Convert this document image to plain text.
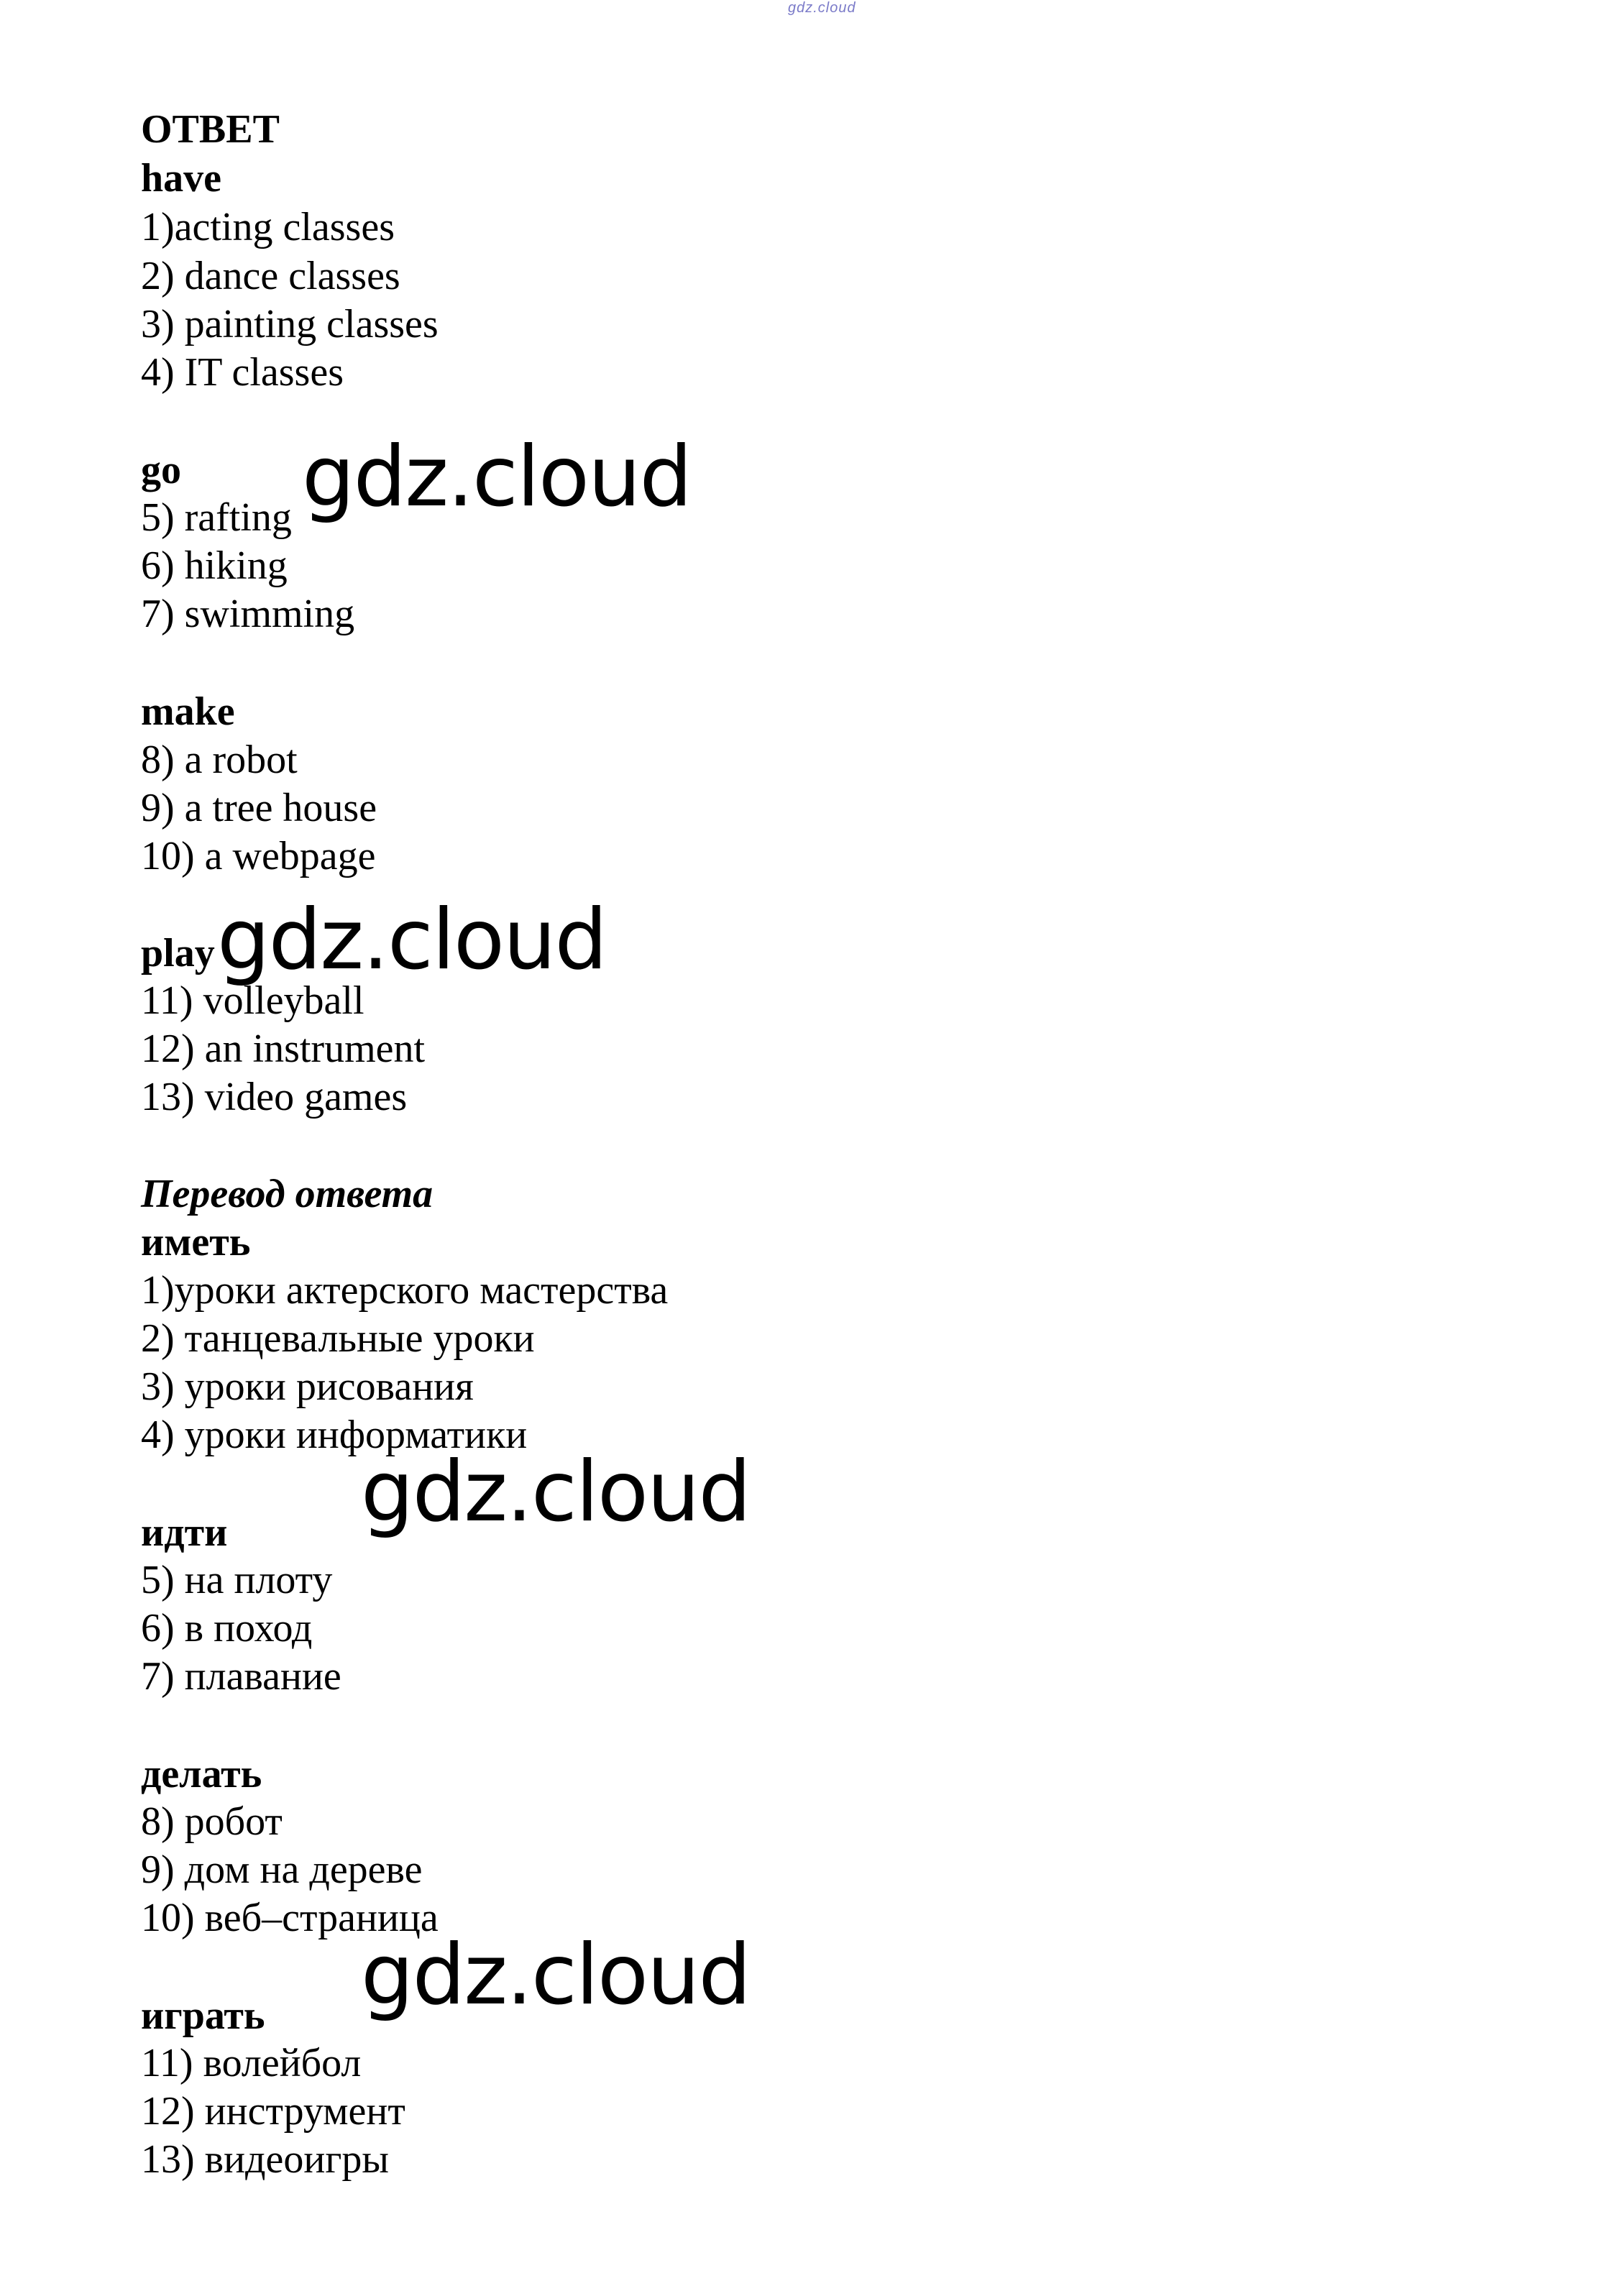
gdz.cloud
ОТВЕТ
have
1)acting classes
2) dance classes
3) painting classes
4) IT classes
go
5) rafting
6) hiking
7) swimming
make
8) a robot
9) a tree house
10) a webpage
play
11) volleyball
12) an instrument
13) video games
Перевод ответа
иметь
1)уроки актерского мастерства
2) танцевальные уроки
3) уроки рисования
4) уроки информатики
идти
5) на плоту
6) в поход
7) плавание
делать
8) робот
9) дом на дереве
10) веб–страница
играть
11) волейбол
12) инструмент
13) видеоигры
gdz.cloud
gdz.cloud
gdz.cloud
gdz.cloud
